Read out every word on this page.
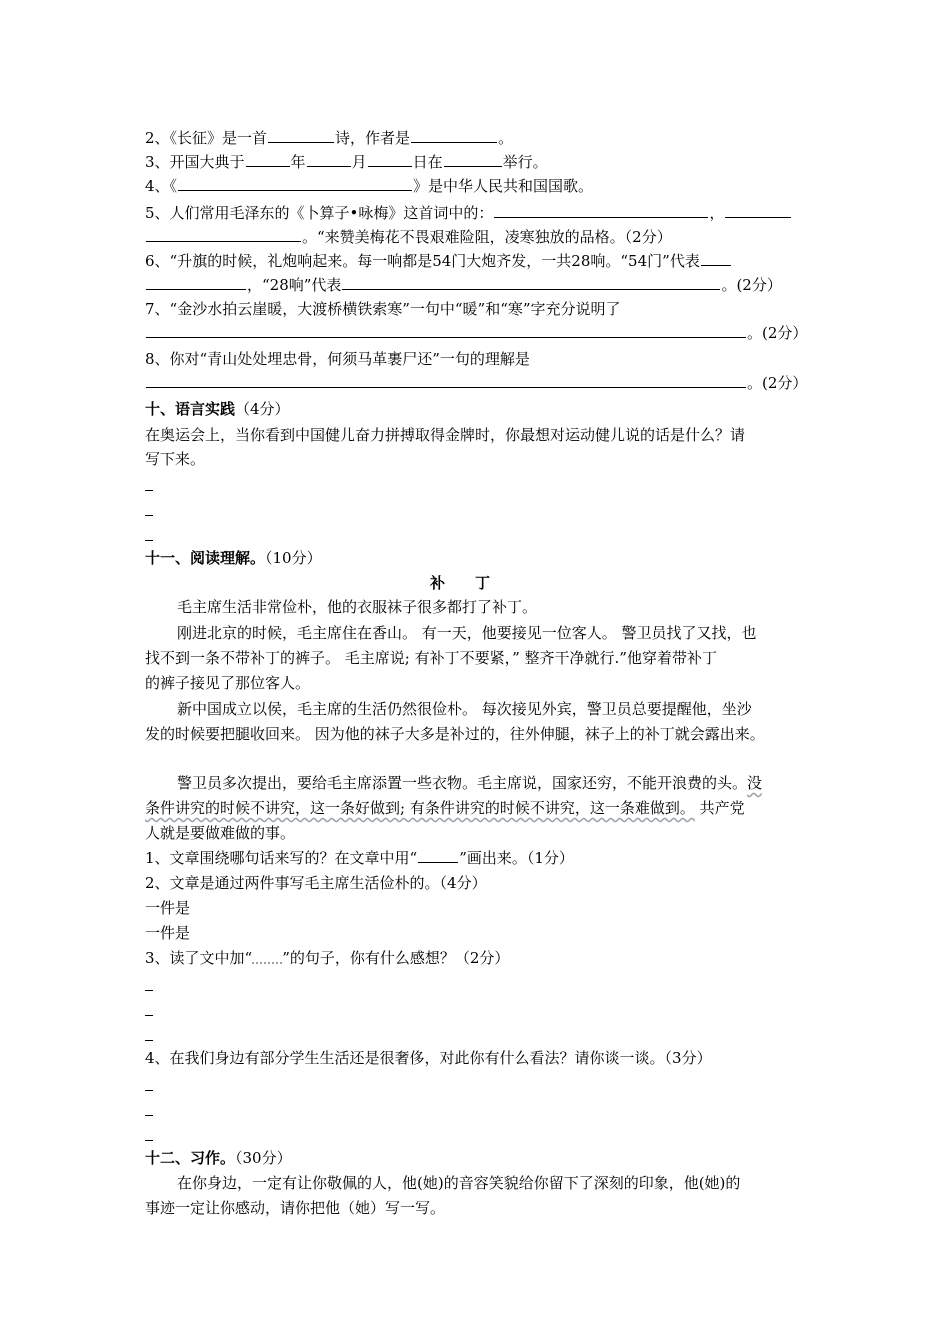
2、《长征》是一首	诗，作者是	。
3、开国大典于	年	月	日在	举行。
4、《	》是中华人民共和国国歌。
5、人们常用毛泽东的《卜算子•咏梅》这首词中的：	，
。“来赞美梅花不畏艰难险阻，凌寒独放的品格。（2分）
6、“升旗的时候，礼炮响起来。每一响都是54门大炮齐发，一共28响。“54门”代表
，“28响”代表	。(2分）
7、“金沙水拍云崖暖，大渡桥横铁索寒”一句中“暖”和“寒”字充分说明了
。(2分）
8、你对“青山处处埋忠骨，何须马革裹尸还”一句的理解是
。(2分）
十、语言实践（4分）
在奥运会上，当你看到中国健儿奋力拼搏取得金牌时，你最想对运动健儿说的话是什么？请
写下来。
十一、阅读理解。（10分）
补丁
毛主席生活非常俭朴，他的衣服袜子很多都打了补丁。
刚进北京的时候，毛主席住在香山。 有一天，他要接见一位客人。 警卫员找了又找，也
找不到一条不带补丁的裤子。 毛主席说; 有补丁不要紧，” 整齐干净就行.”他穿着带补丁
的裤子接见了那位客人。
新中国成立以侯，毛主席的生活仍然很俭朴。 每次接见外宾，警卫员总要提醒他，坐沙
发的时候要把腿收回来。 因为他的袜子大多是补过的，往外伸腿，袜子上的补丁就会露出来。
警卫员多次提出，要给毛主席添置一些衣物。毛主席说，国家还穷，不能开浪费的头。没
条件讲究的时候不讲究，这一条好做到; 有条件讲究的时候不讲究，这一条难做到。 共产党
人就是要做难做的事。
1、文章围绕哪句话来写的？在文章中用“	”画出来。（1分）
2、文章是通过两件事写毛主席生活俭朴的。（4分）
一件是
一件是
3、读了文中加“ ”的句子，你有什么感想？（2分）
4、在我们身边有部分学生生活还是很奢侈，对此你有什么看法？请你谈一谈。（3分）
十二、习作。（30分）
在你身边，一定有让你敬佩的人，他(她)的音容笑貌给你留下了深刻的印象，他(她)的
事迹一定让你感动，请你把他（她）写一写。
